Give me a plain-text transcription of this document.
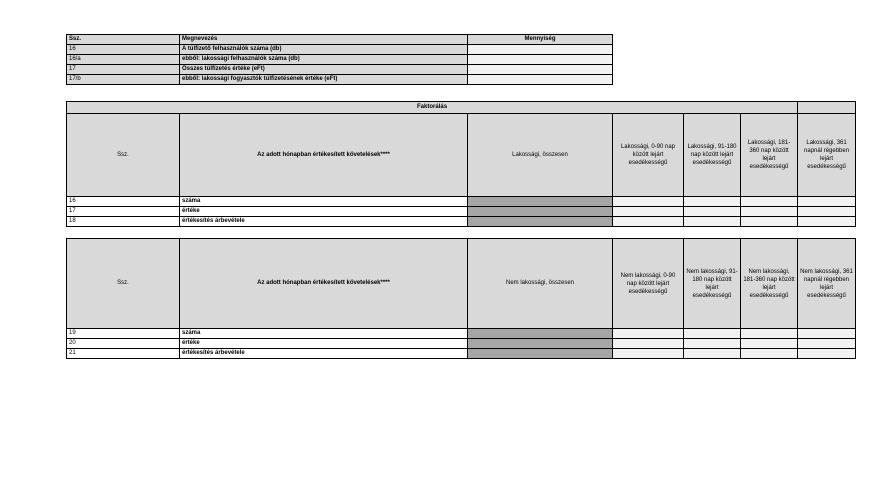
Ssz.	Megnevezés	Mennyiség
16	A túlfizető felhasználók száma (db)	
16/a	ebből: lakossági felhasználók száma (db)	
17	Összes túlfizetés értéke (eFt)	
17/b	ebből: lakossági fogyasztók túlfizetésének értéke (eFt)	
Faktorálás						
Ssz.	Az adott hónapban értékesített követelések****	Lakossági, összesen	Lakossági, 0-90 nap között lejárt esedékességű	Lakossági, 91-180 nap között lejárt esedékességű	Lakossági, 181-360 nap között lejárt esedékességű	Lakossági, 361 napnál régebben lejárt esedékességű
16	száma					
17	értéke					
18	értékesítés árbevétele					
Ssz.	Az adott hónapban értékesített követelések****	Nem lakossági, összesen	Nem lakossági, 0-90 nap között lejárt esedékességű	Nem lakossági, 91-180 nap között lejárt esedékességű	Nem lakossági, 181-360 nap között lejárt esedékességű	Nem lakossági, 361 napnál régebben lejárt esedékességű
19	száma					
20	értéke					
21	értékesítés árbevétele					
